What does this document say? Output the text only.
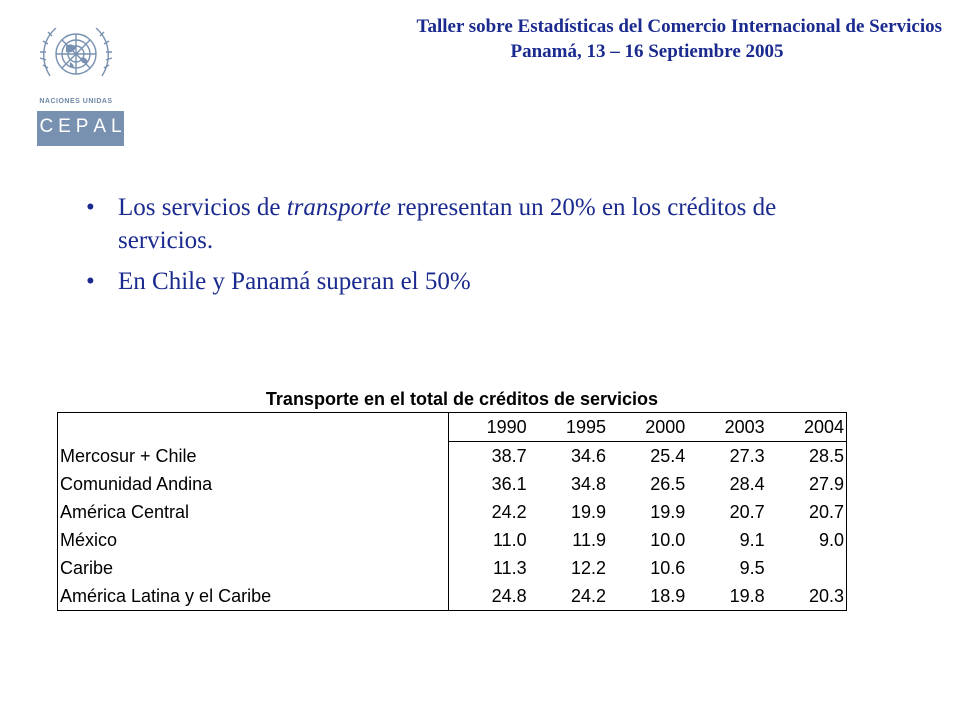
NACIONES UNIDAS
C E P A L
Taller sobre Estadísticas del Comercio Internacional de Servicios
Panamá, 13 – 16 Septiembre 2005
• Los servicios de transporte representan un 20% en los créditos de servicios.
• En Chile y Panamá superan el 50%
Transporte en el total de créditos de servicios
	1990	1995	2000	2003	2004
Mercosur + Chile	38.7	34.6	25.4	27.3	28.5
Comunidad Andina	36.1	34.8	26.5	28.4	27.9
América Central	24.2	19.9	19.9	20.7	20.7
México	11.0	11.9	10.0	9.1	9.0
Caribe	11.3	12.2	10.6	9.5	
América Latina y el Caribe	24.8	24.2	18.9	19.8	20.3
